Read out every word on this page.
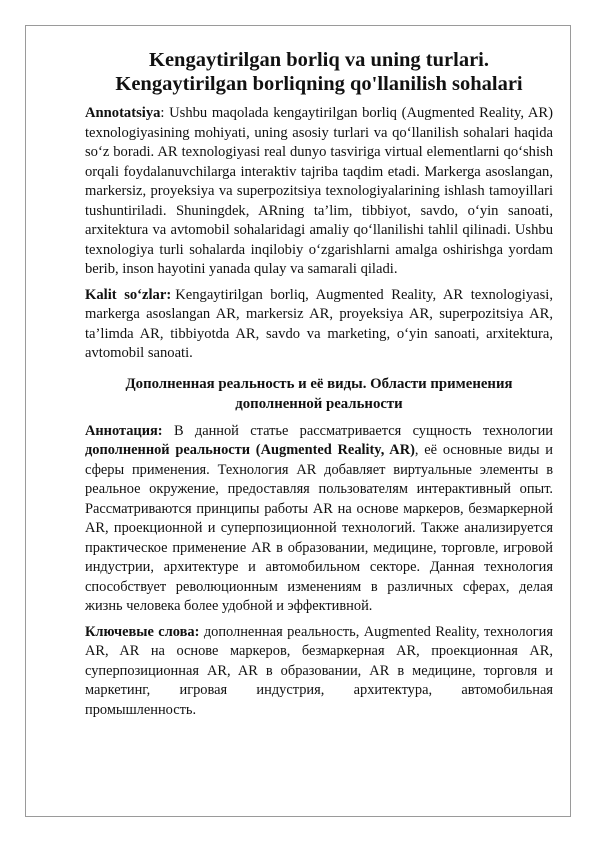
Kengaytirilgan borliq va uning turlari. Kengaytirilgan borliqning qo'llanilish sohalari

Annotatsiya: Ushbu maqolada kengaytirilgan borliq (Augmented Reality, AR) texnologiyasining mohiyati, uning asosiy turlari va qo‘llanilish sohalari haqida so‘z boradi. AR texnologiyasi real dunyo tasviriga virtual elementlarni qo‘shish orqali foydalanuvchilarga interaktiv tajriba taqdim etadi. Markerga asoslangan, markersiz, proyeksiya va superpozitsiya texnologiyalarining ishlash tamoyillari tushuntiriladi. Shuningdek, ARning ta’lim, tibbiyot, savdo, o‘yin sanoati, arxitektura va avtomobil sohalaridagi amaliy qo‘llanilishi tahlil qilinadi. Ushbu texnologiya turli sohalarda inqilobiy o‘zgarishlarni amalga oshirishga yordam berib, inson hayotini yanada qulay va samarali qiladi.

Kalit so‘zlar: Kengaytirilgan borliq, Augmented Reality, AR texnologiyasi, markerga asoslangan AR, markersiz AR, proyeksiya AR, superpozitsiya AR, ta’limda AR, tibbiyotda AR, savdo va marketing, o‘yin sanoati, arxitektura, avtomobil sanoati.

Дополненная реальность и её виды. Области применения дополненной реальности

Аннотация: В данной статье рассматривается сущность технологии дополненной реальности (Augmented Reality, AR), её основные виды и сферы применения. Технология AR добавляет виртуальные элементы в реальное окружение, предоставляя пользователям интерактивный опыт. Рассматриваются принципы работы AR на основе маркеров, безмаркерной AR, проекционной и суперпозиционной технологий. Также анализируется практическое применение AR в образовании, медицине, торговле, игровой индустрии, архитектуре и автомобильном секторе. Данная технология способствует революционным изменениям в различных сферах, делая жизнь человека более удобной и эффективной.

Ключевые слова: дополненная реальность, Augmented Reality, технология AR, AR на основе маркеров, безмаркерная AR, проекционная AR, суперпозиционная AR, AR в образовании, AR в медицине, торговля и маркетинг, игровая индустрия, архитектура, автомобильная промышленность.
